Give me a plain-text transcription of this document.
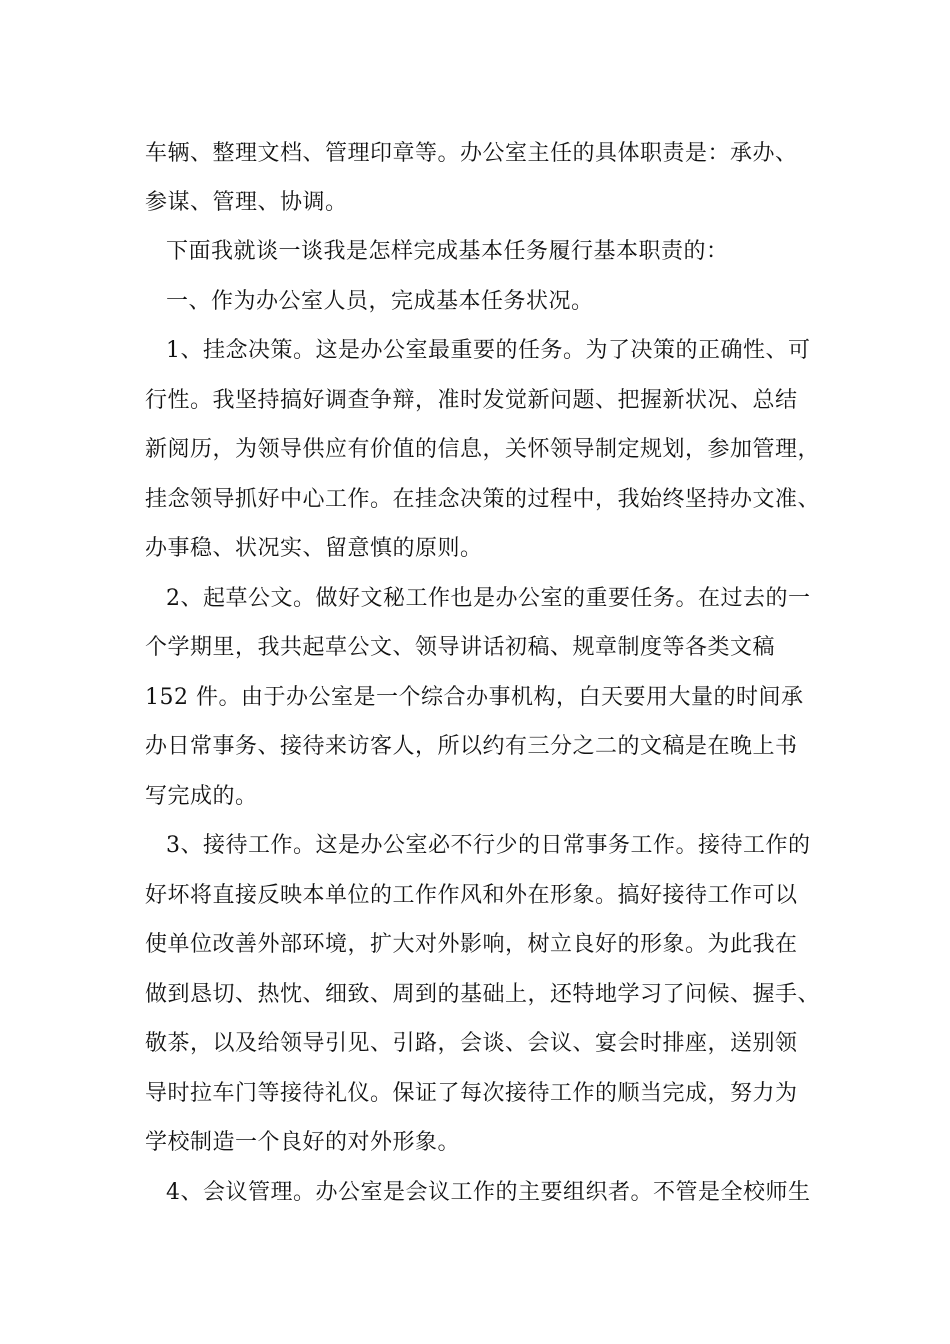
车辆、整理文档、管理印章等。办公室主任的具体职责是：承办、
参谋、管理、协调。
下面我就谈一谈我是怎样完成基本任务履行基本职责的：
一、作为办公室人员，完成基本任务状况。
1、挂念决策。这是办公室最重要的任务。为了决策的正确性、可
行性。我坚持搞好调查争辩，准时发觉新问题、把握新状况、总结
新阅历，为领导供应有价值的信息，关怀领导制定规划，参加管理，
挂念领导抓好中心工作。在挂念决策的过程中，我始终坚持办文准、
办事稳、状况实、留意慎的原则。
2、起草公文。做好文秘工作也是办公室的重要任务。在过去的一
个学期里，我共起草公文、领导讲话初稿、规章制度等各类文稿
152 件。由于办公室是一个综合办事机构，白天要用大量的时间承
办日常事务、接待来访客人，所以约有三分之二的文稿是在晚上书
写完成的。
3、接待工作。这是办公室必不行少的日常事务工作。接待工作的
好坏将直接反映本单位的工作作风和外在形象。搞好接待工作可以
使单位改善外部环境，扩大对外影响，树立良好的形象。为此我在
做到恳切、热忱、细致、周到的基础上，还特地学习了问候、握手、
敬茶，以及给领导引见、引路，会谈、会议、宴会时排座，送别领
导时拉车门等接待礼仪。保证了每次接待工作的顺当完成，努力为
学校制造一个良好的对外形象。
4、会议管理。办公室是会议工作的主要组织者。不管是全校师生
